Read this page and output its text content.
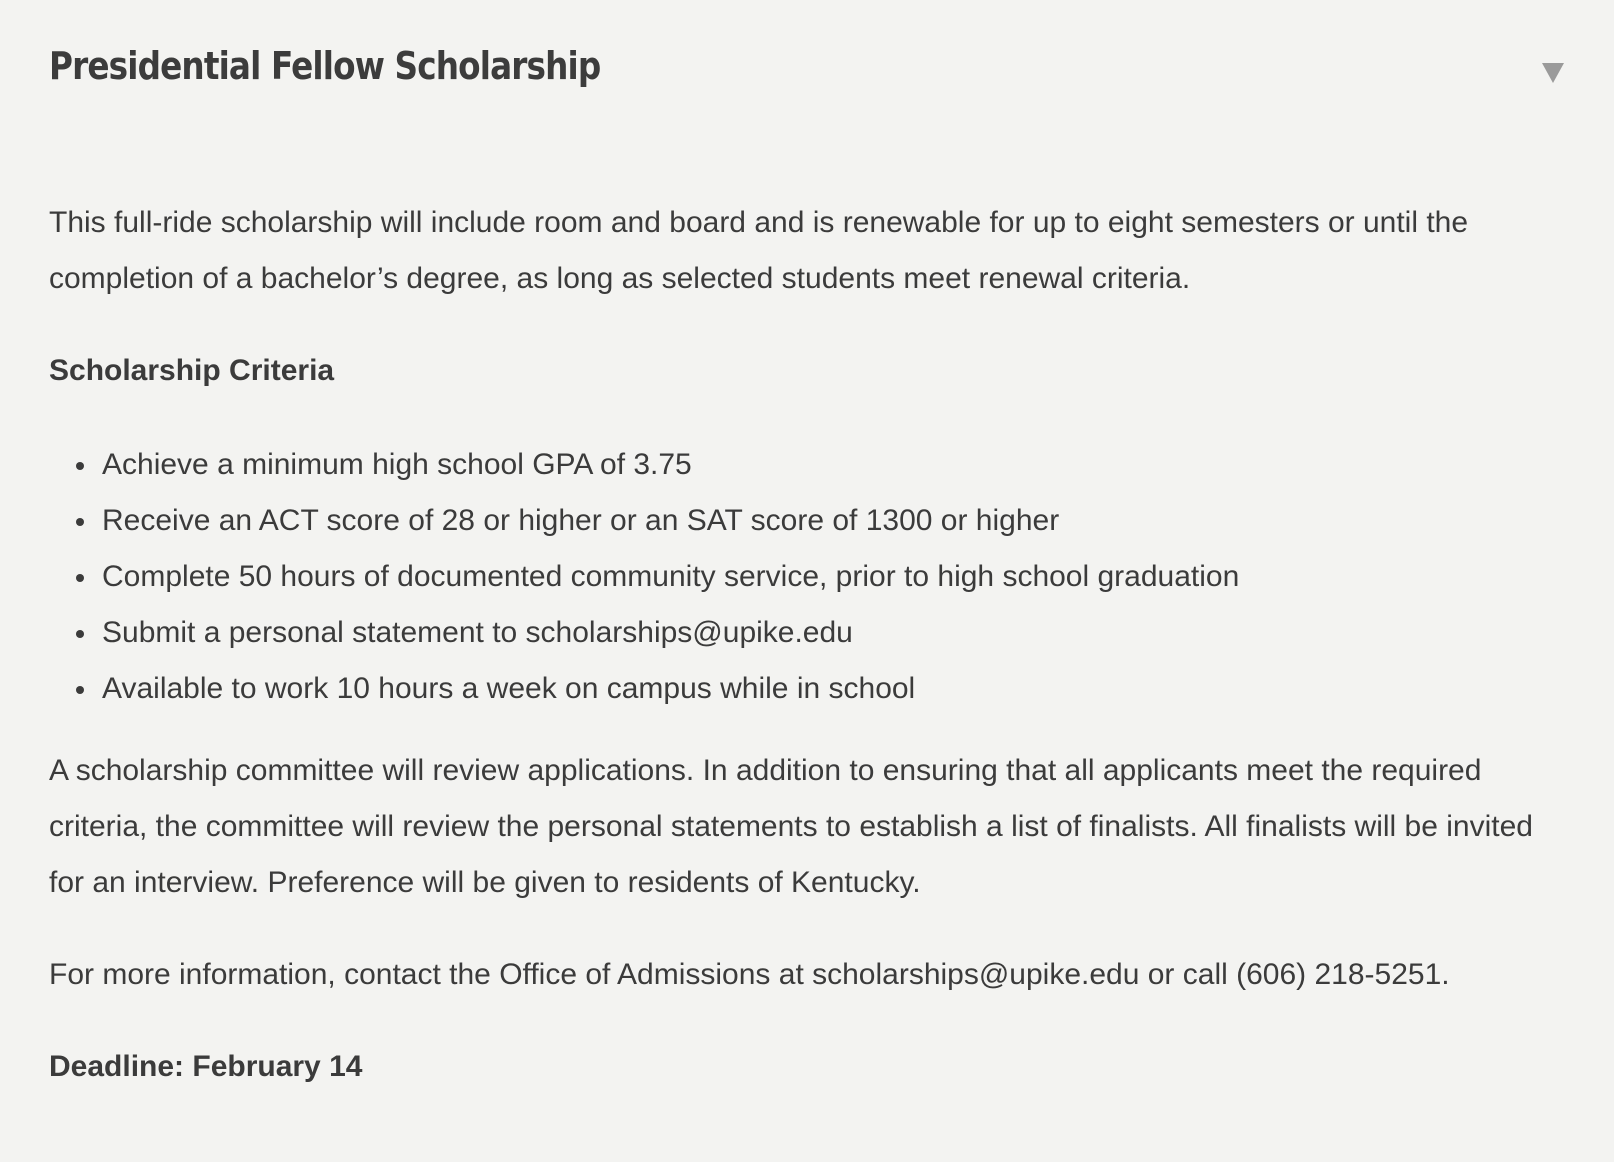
Presidential Fellow Scholarship

This full-ride scholarship will include room and board and is renewable for up to eight semesters or until the completion of a bachelor’s degree, as long as selected students meet renewal criteria.

Scholarship Criteria

Achieve a minimum high school GPA of 3.75
Receive an ACT score of 28 or higher or an SAT score of 1300 or higher
Complete 50 hours of documented community service, prior to high school graduation
Submit a personal statement to scholarships@upike.edu
Available to work 10 hours a week on campus while in school

A scholarship committee will review applications. In addition to ensuring that all applicants meet the required criteria, the committee will review the personal statements to establish a list of finalists. All finalists will be invited for an interview. Preference will be given to residents of Kentucky.

For more information, contact the Office of Admissions at scholarships@upike.edu or call (606) 218-5251.

Deadline: February 14
